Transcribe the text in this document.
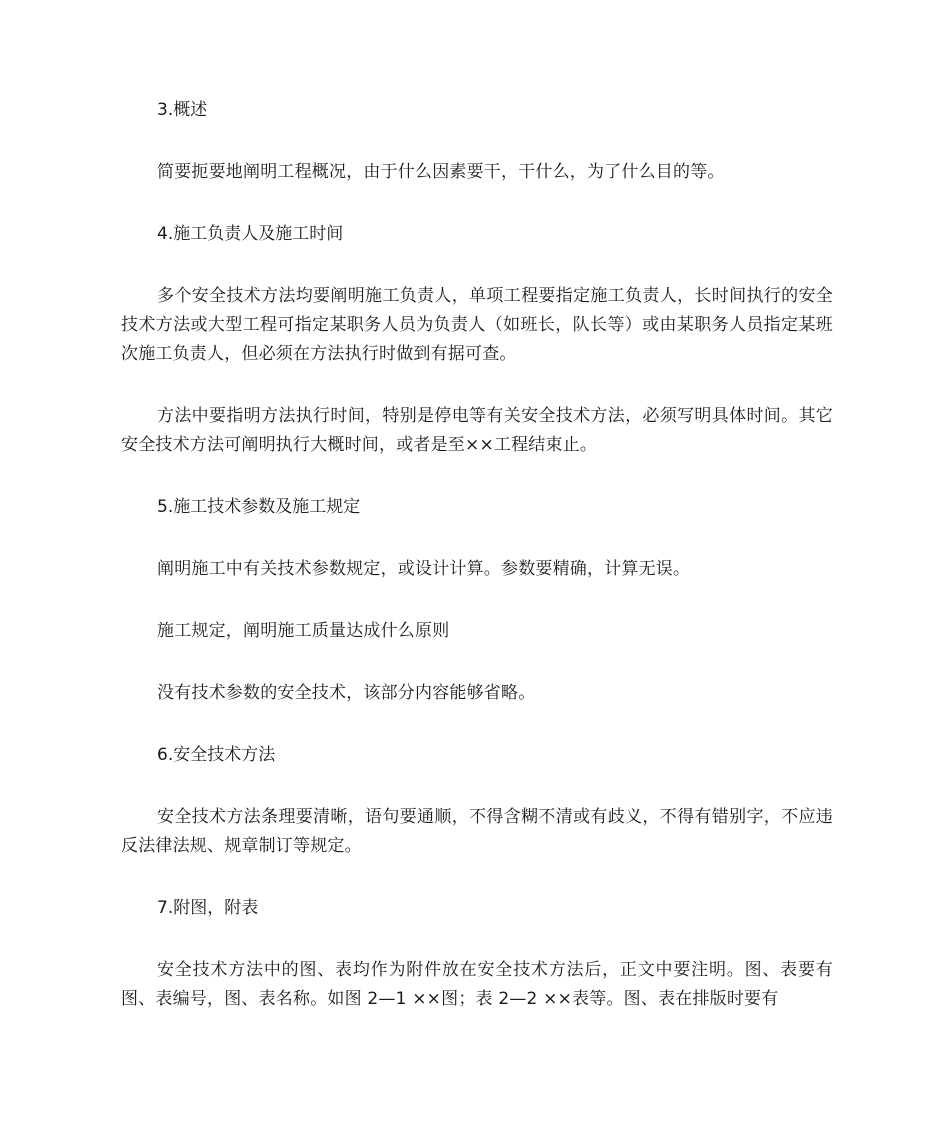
3.概述

简要扼要地阐明工程概况，由于什么因素要干，干什么，为了什么目的等。

4.施工负责人及施工时间

多个安全技术方法均要阐明施工负责人，单项工程要指定施工负责人，长时间执行的安全技术方法或大型工程可指定某职务人员为负责人（如班长，队长等）或由某职务人员指定某班次施工负责人，但必须在方法执行时做到有据可查。

方法中要指明方法执行时间，特别是停电等有关安全技术方法，必须写明具体时间。其它安全技术方法可阐明执行大概时间，或者是至××工程结束止。

5.施工技术参数及施工规定

阐明施工中有关技术参数规定，或设计计算。参数要精确，计算无误。

施工规定，阐明施工质量达成什么原则

没有技术参数的安全技术，该部分内容能够省略。

6.安全技术方法

安全技术方法条理要清晰，语句要通顺，不得含糊不清或有歧义，不得有错别字，不应违反法律法规、规章制订等规定。

7.附图，附表

安全技术方法中的图、表均作为附件放在安全技术方法后，正文中要注明。图、表要有图、表编号，图、表名称。如图 2—1 ××图；表 2—2 ××表等。图、表在排版时要有
